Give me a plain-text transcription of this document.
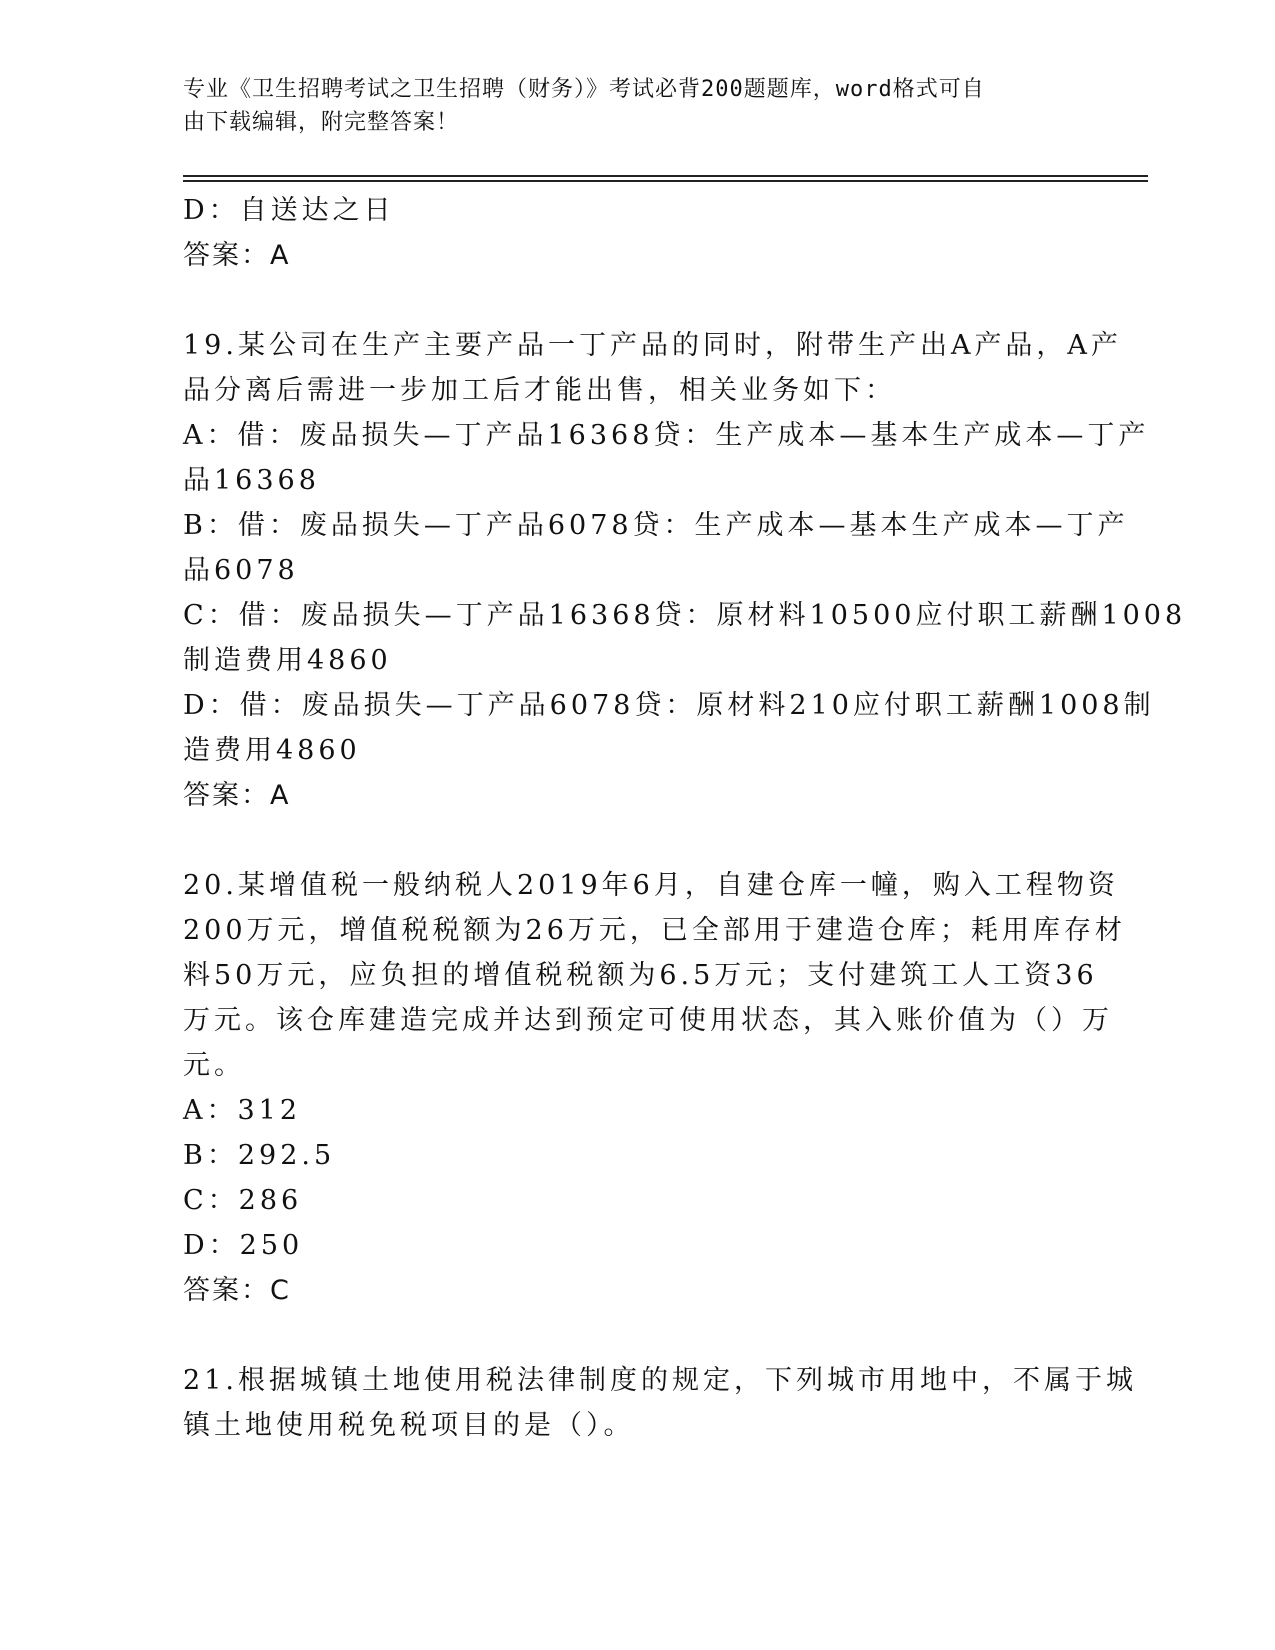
专业《卫生招聘考试之卫生招聘（财务）》考试必背200题题库，word格式可自
由下载编辑，附完整答案！
D：自送达之日
答案：A
19.某公司在生产主要产品一丁产品的同时，附带生产出A产品，A产
品分离后需进一步加工后才能出售，相关业务如下：
A：借：废品损失—丁产品16368贷：生产成本—基本生产成本—丁产
品16368
B：借：废品损失—丁产品6078贷：生产成本—基本生产成本—丁产
品6078
C：借：废品损失—丁产品16368贷：原材料10500应付职工薪酬1008
制造费用4860
D：借：废品损失—丁产品6078贷：原材料210应付职工薪酬1008制
造费用4860
答案：A
20.某增值税一般纳税人2019年6月，自建仓库一幢，购入工程物资
200万元，增值税税额为26万元，已全部用于建造仓库；耗用库存材
料50万元，应负担的增值税税额为6.5万元；支付建筑工人工资36
万元。该仓库建造完成并达到预定可使用状态，其入账价值为（）万
元。
A：312
B：292.5
C：286
D：250
答案：C
21.根据城镇土地使用税法律制度的规定，下列城市用地中，不属于城
镇土地使用税免税项目的是（）。
